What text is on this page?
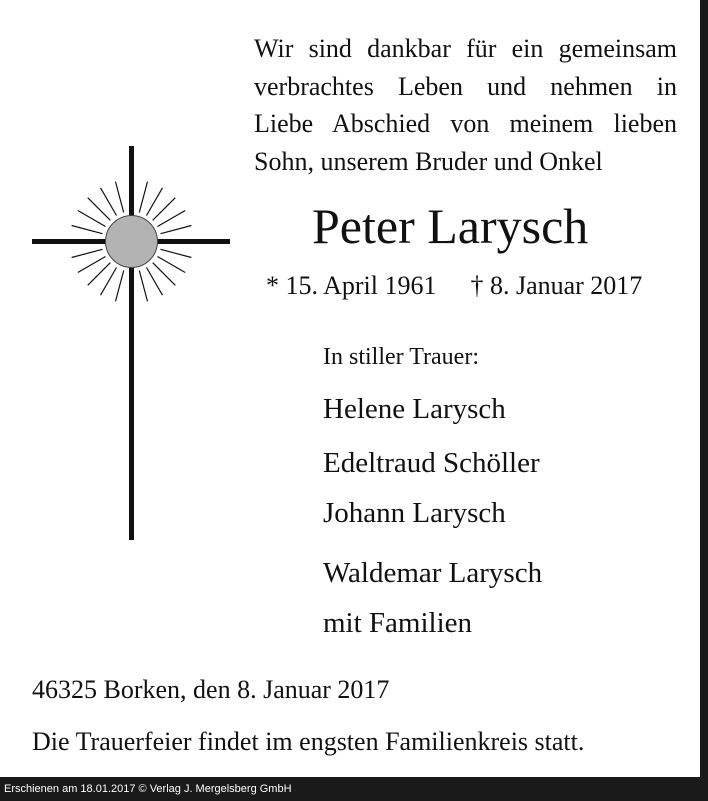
Wir sind dankbar für ein gemeinsam
verbrachtes Leben und nehmen in
Liebe Abschied von meinem lieben
Sohn, unserem Bruder und Onkel
Peter Larysch
* 15. April 1961 † 8. Januar 2017
In stiller Trauer:
Helene Larysch
Edeltraud Schöller
Johann Larysch
Waldemar Larysch
mit Familien
46325 Borken, den 8. Januar 2017
Die Trauerfeier findet im engsten Familienkreis statt.
Erschienen am 18.01.2017 © Verlag J. Mergelsberg GmbH
